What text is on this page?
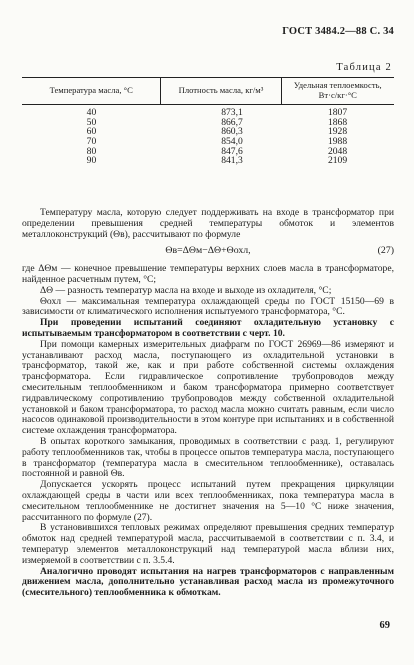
ГОСТ 3484.2—88 С. 34
Таблица 2
Температура масла, °С	Плотность масла, кг/м³	Удельная теплоемкость, Вт·с/кг·°С

40	873,1	1807
50	866,7	1868
60	860,3	1928
70	854,0	1988
80	847,6	2048
90	841,3	2109

Температуру масла, которую следует поддерживать на входе в трансформатор при определении превышения средней температуры обмоток и элементов металлоконструкций (Θв), рассчитывают по формуле

Θв=ΔΘм−ΔΘ+Θохл,	(27)

где ΔΘм — конечное превышение температуры верхних слоев масла в трансформаторе, найденное расчетным путем, °С;

ΔΘ — разность температур масла на входе и выходе из охладителя, °С;

Θохл — максимальная температура охлаждающей среды по ГОСТ 15150—69 в зависимости от климатического исполнения испытуемого трансформатора, °С.

При проведении испытаний соединяют охладительную установку с испытываемым трансформатором в соответствии с черт. 10.

При помощи камерных измерительных диафрагм по ГОСТ 26969—86 измеряют и устанавливают расход масла, поступающего из охладительной установки в трансформатор, такой же, как и при работе собственной системы охлаждения трансформатора. Если гидравлическое сопротивление трубопроводов между смесительным теплообменником и баком трансформатора примерно соответствует гидравлическому сопротивлению трубопроводов между собственной охладительной установкой и баком трансформатора, то расход масла можно считать равным, если число насосов одинаковой производительности в этом контуре при испытаниях и в собственной системе охлаждения трансформатора.

В опытах короткого замыкания, проводимых в соответствии с разд. 1, регулируют работу теплообменников так, чтобы в процессе опытов температура масла, поступающего в трансформатор (температура масла в смесительном теплообменнике), оставалась постоянной и равной Θв.

Допускается ускорять процесс испытаний путем прекращения циркуляции охлаждающей среды в части или всех теплообменниках, пока температура масла в смесительном теплообменнике не достигнет значения на 5—10 °С ниже значения, рассчитанного по формуле (27).

В установившихся тепловых режимах определяют превышения средних температур обмоток над средней температурой масла, рассчитываемой в соответствии с п. 3.4, и температур элементов металлоконструкций над температурой масла вблизи них, измеряемой в соответствии с п. 3.5.4.

Аналогично проводят испытания на нагрев трансформаторов с направленным движением масла, дополнительно устанавливая расход масла из промежуточного (смесительного) теплообменника к обмоткам.

69
